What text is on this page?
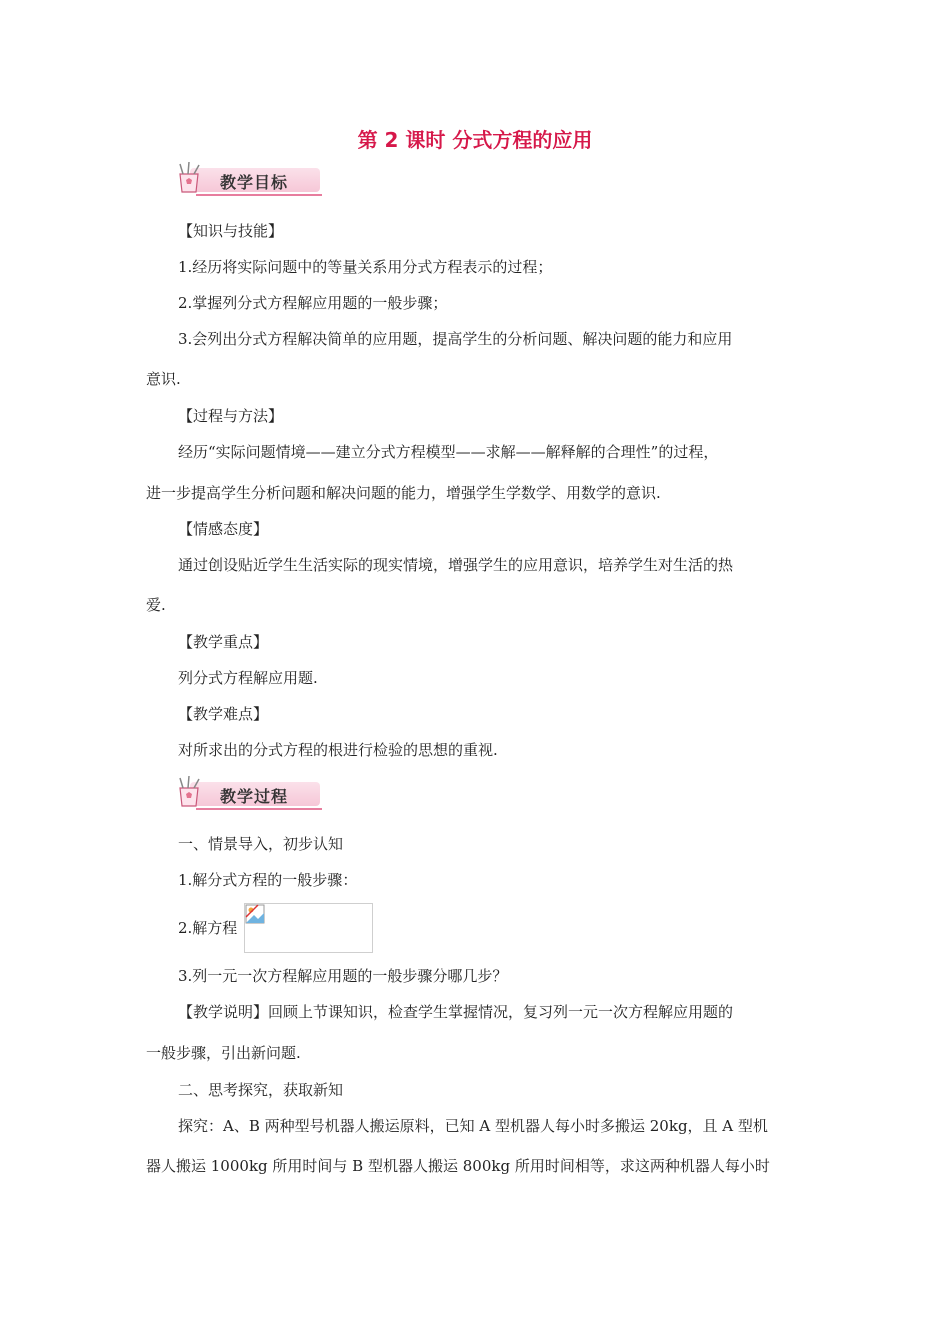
第 2 课时 分式方程的应用
教学目标
【知识与技能】
1.经历将实际问题中的等量关系用分式方程表示的过程；
2.掌握列分式方程解应用题的一般步骤；
3.会列出分式方程解决简单的应用题，提高学生的分析问题、解决问题的能力和应用
意识.
【过程与方法】
经历“实际问题情境——建立分式方程模型——求解——解释解的合理性”的过程，
进一步提高学生分析问题和解决问题的能力，增强学生学数学、用数学的意识.
【情感态度】
通过创设贴近学生生活实际的现实情境，增强学生的应用意识，培养学生对生活的热
爱.
【教学重点】
列分式方程解应用题.
【教学难点】
对所求出的分式方程的根进行检验的思想的重视.
教学过程
一、情景导入，初步认知
1.解分式方程的一般步骤：
2.解方程
3.列一元一次方程解应用题的一般步骤分哪几步？
【教学说明】回顾上节课知识，检查学生掌握情况，复习列一元一次方程解应用题的
一般步骤，引出新问题.
二、思考探究，获取新知
探究：A、B 两种型号机器人搬运原料，已知 A 型机器人每小时多搬运 20kg，且 A 型机
器人搬运 1000kg 所用时间与 B 型机器人搬运 800kg 所用时间相等，求这两种机器人每小时
